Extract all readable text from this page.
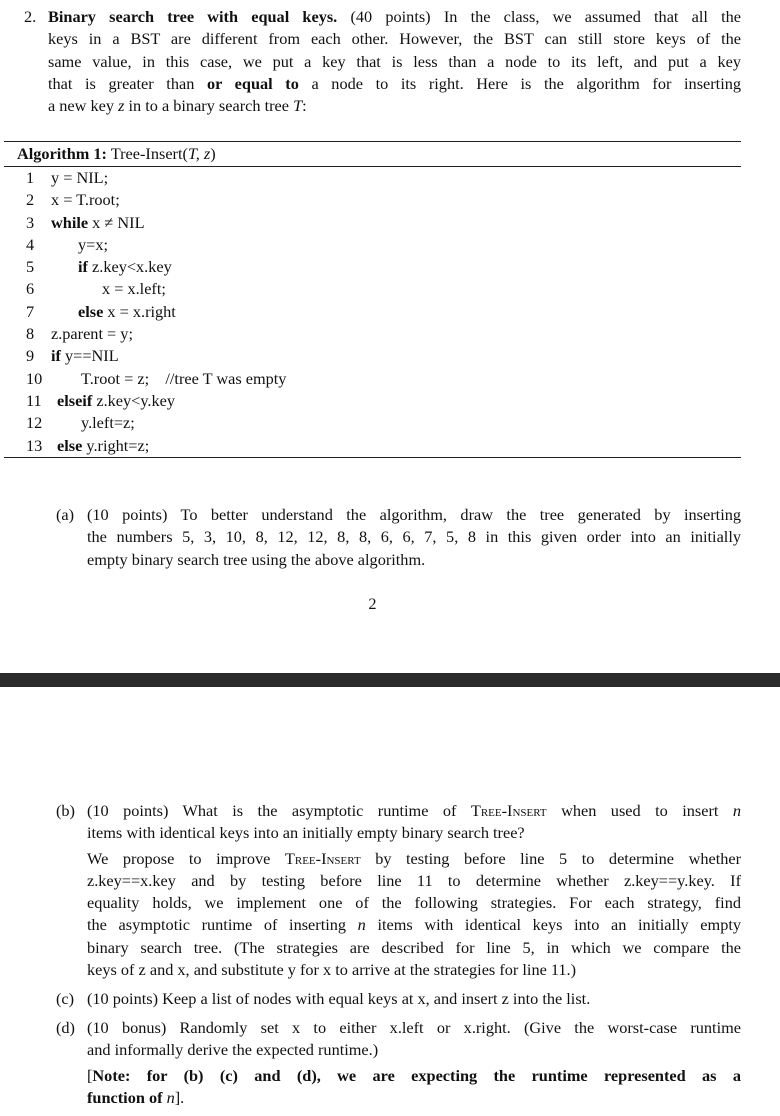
2. Binary search tree with equal keys. (40 points) In the class, we assumed that all the
keys in a BST are different from each other. However, the BST can still store keys of the
same value, in this case, we put a key that is less than a node to its left, and put a key
that is greater than or equal to a node to its right. Here is the algorithm for inserting
a new key z in to a binary search tree T:
Algorithm 1: Tree-Insert(T, z)
1 y = NIL;
2 x = T.root;
3 while x ≠ NIL
4	y=x;
5	if z.key<x.key
6	x = x.left;
7	else x = x.right
8 z.parent = y;
9 if y==NIL
10 T.root = z;    //tree T was empty
11 elseif z.key<y.key
12 y.left=z;
13 else y.right=z;
(a) (10 points) To better understand the algorithm, draw the tree generated by inserting
the numbers 5, 3, 10, 8, 12, 12, 8, 8, 6, 6, 7, 5, 8 in this given order into an initially
empty binary search tree using the above algorithm.
2
(b) (10 points) What is the asymptotic runtime of Tree-Insert when used to insert n
items with identical keys into an initially empty binary search tree?
We propose to improve Tree-Insert by testing before line 5 to determine whether
z.key==x.key and by testing before line 11 to determine whether z.key==y.key. If
equality holds, we implement one of the following strategies. For each strategy, find
the asymptotic runtime of inserting n items with identical keys into an initially empty
binary search tree. (The strategies are described for line 5, in which we compare the
keys of z and x, and substitute y for x to arrive at the strategies for line 11.)
(c) (10 points) Keep a list of nodes with equal keys at x, and insert z into the list.
(d) (10 bonus) Randomly set x to either x.left or x.right. (Give the worst-case runtime
and informally derive the expected runtime.)
[Note: for (b) (c) and (d), we are expecting the runtime represented as a
function of n].
